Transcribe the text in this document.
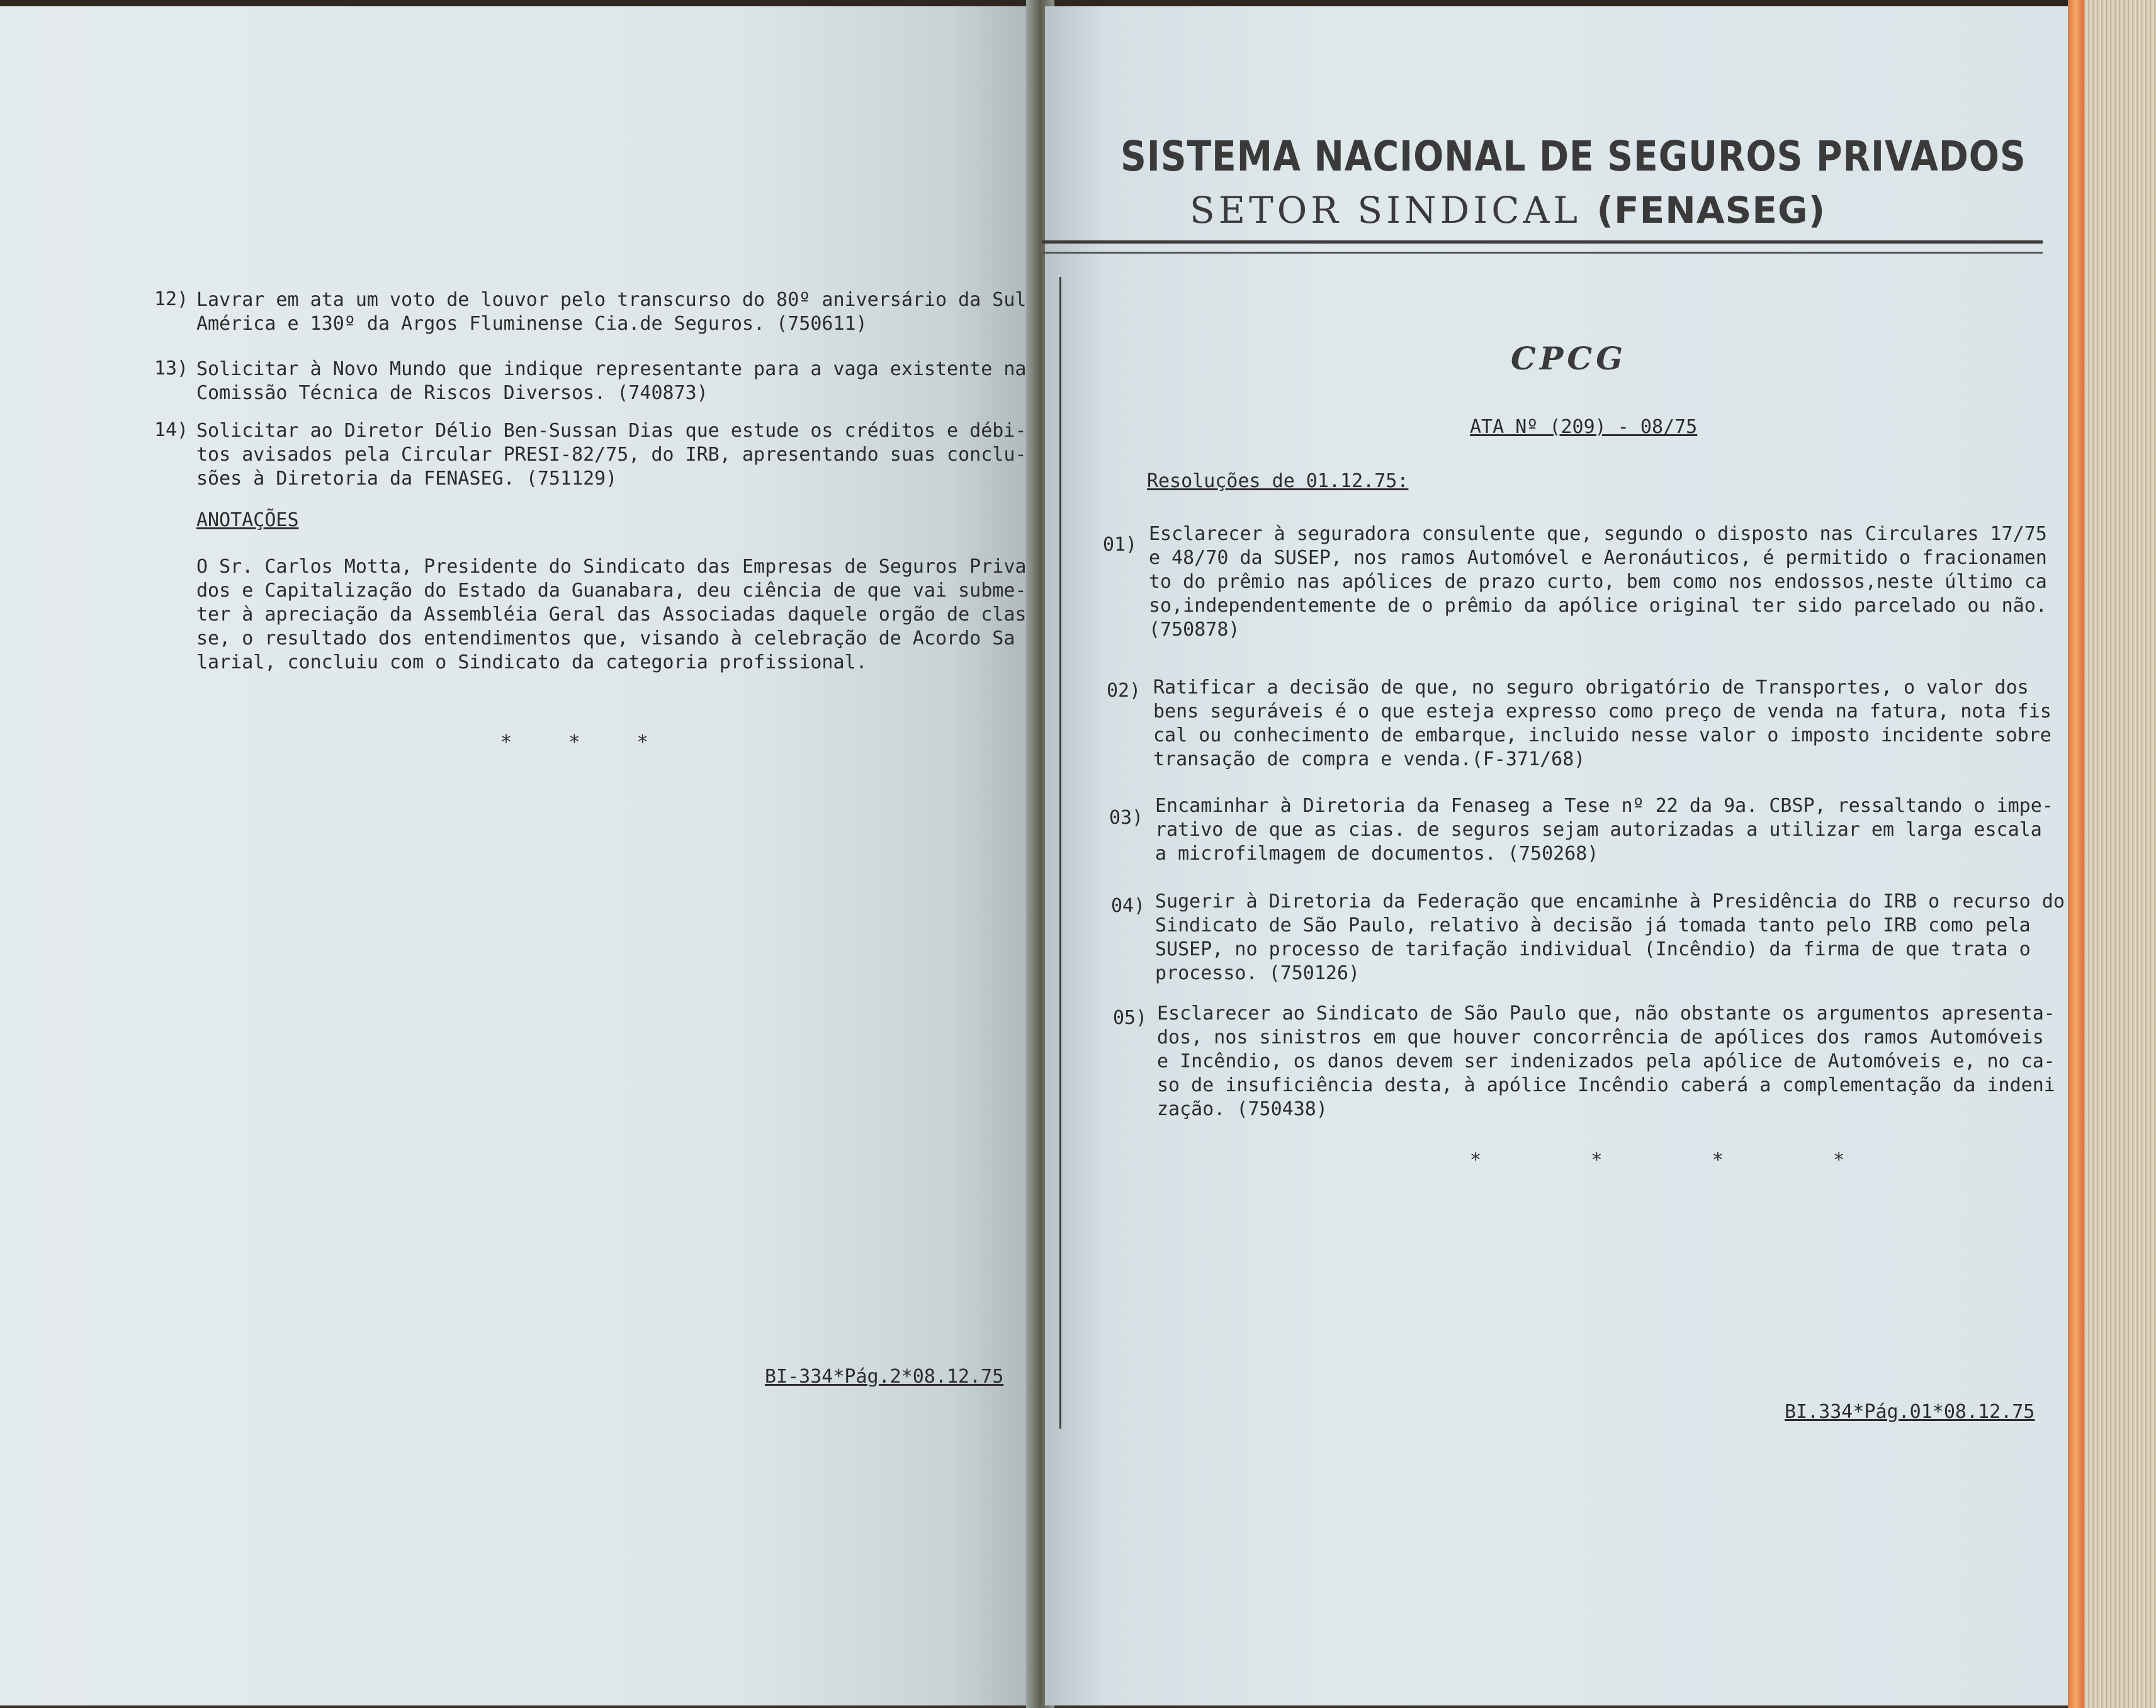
12) Lavrar em ata um voto de louvor pelo transcurso do 80º aniversário da Sul
América e 130º da Argos Fluminense Cia.de Seguros. (750611)
13) Solicitar à Novo Mundo que indique representante para a vaga existente na
Comissão Técnica de Riscos Diversos. (740873)
14) Solicitar ao Diretor Délio Ben-Sussan Dias que estude os créditos e débi-
tos avisados pela Circular PRESI-82/75, do IRB, apresentando suas conclu-
sões à Diretoria da FENASEG. (751129)
ANOTAÇÕES
O Sr. Carlos Motta, Presidente do Sindicato das Empresas de Seguros Priva
dos e Capitalização do Estado da Guanabara, deu ciência de que vai subme-
ter à apreciação da Assembléia Geral das Associadas daquele orgão de clas
se, o resultado dos entendimentos que, visando à celebração de Acordo Sa
larial, concluiu com o Sindicato da categoria profissional.
*     *     *
BI-334*Pág.2*08.12.75
SISTEMA NACIONAL DE SEGUROS PRIVADOS
SETOR SINDICAL (FENASEG)
CPCG
ATA Nº (209) - 08/75
Resoluções de 01.12.75:
01) Esclarecer à seguradora consulente que, segundo o disposto nas Circulares 17/75
e 48/70 da SUSEP, nos ramos Automóvel e Aeronáuticos, é permitido o fracionamen
to do prêmio nas apólices de prazo curto, bem como nos endossos,neste último ca
so,independentemente de o prêmio da apólice original ter sido parcelado ou não.
(750878)
02) Ratificar a decisão de que, no seguro obrigatório de Transportes, o valor dos
bens seguráveis é o que esteja expresso como preço de venda na fatura, nota fis
cal ou conhecimento de embarque, incluido nesse valor o imposto incidente sobre
transação de compra e venda.(F-371/68)
03)
Encaminhar à Diretoria da Fenaseg a Tese nº 22 da 9a. CBSP, ressaltando o impe-
rativo de que as cias. de seguros sejam autorizadas a utilizar em larga escala
a microfilmagem de documentos. (750268)
04) Sugerir à Diretoria da Federação que encaminhe à Presidência do IRB o recurso do
Sindicato de São Paulo, relativo à decisão já tomada tanto pelo IRB como pela
SUSEP, no processo de tarifação individual (Incêndio) da firma de que trata o
processo. (750126)
05) Esclarecer ao Sindicato de São Paulo que, não obstante os argumentos apresenta-
dos, nos sinistros em que houver concorrência de apólices dos ramos Automóveis
e Incêndio, os danos devem ser indenizados pela apólice de Automóveis e, no ca-
so de insuficiência desta, à apólice Incêndio caberá a complementação da indeni
zação. (750438)
*     *     *     *
BI.334*Pág.01*08.12.75
